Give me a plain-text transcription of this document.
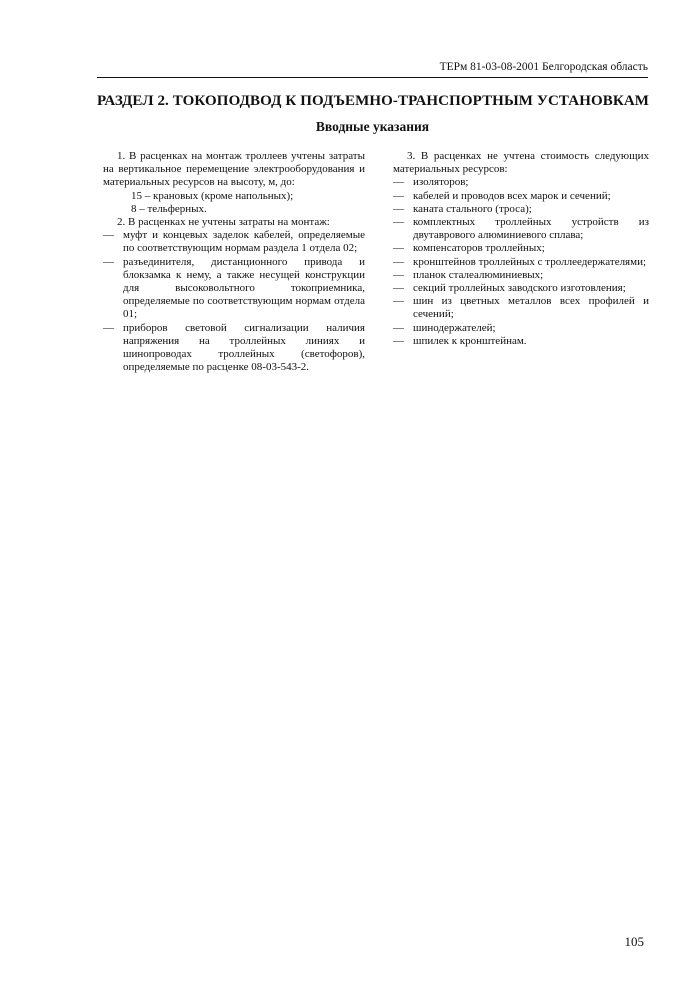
ТЕРм 81-03-08-2001 Белгородская область
РАЗДЕЛ 2. ТОКОПОДВОД К ПОДЪЕМНО-ТРАНСПОРТНЫМ УСТАНОВКАМ
Вводные указания

1. В расценках на монтаж троллеев учтены затраты на вертикальное перемещение электрооборудования и материальных ресурсов на высоту, м, до:

15 – крановых (кроме напольных);

8 – тельферных.

2. В расценках не учтены затраты на монтаж:

— муфт и концевых заделок кабелей, определяемые по соответствующим нормам раздела 1 отдела 02;

— разъединителя, дистанционного привода и блокзамка к нему, а также несущей конструкции для высоковольтного токоприемника, определяемые по соответствующим нормам отдела 01;

— приборов световой сигнализации наличия напряжения на троллейных линиях и шинопроводах троллейных (светофоров), определяемые по расценке 08-03-543-2.

3. В расценках не учтена стоимость следующих материальных ресурсов:

— изоляторов;

— кабелей и проводов всех марок и сечений;

— каната стального (троса);

— комплектных троллейных устройств из двутаврового алюминиевого сплава;

— компенсаторов троллейных;

— кронштейнов троллейных с троллеедержателями;

— планок сталеалюминиевых;

— секций троллейных заводского изготовления;

— шин из цветных металлов всех профилей и сечений;

— шинодержателей;

— шпилек к кронштейнам.

105
